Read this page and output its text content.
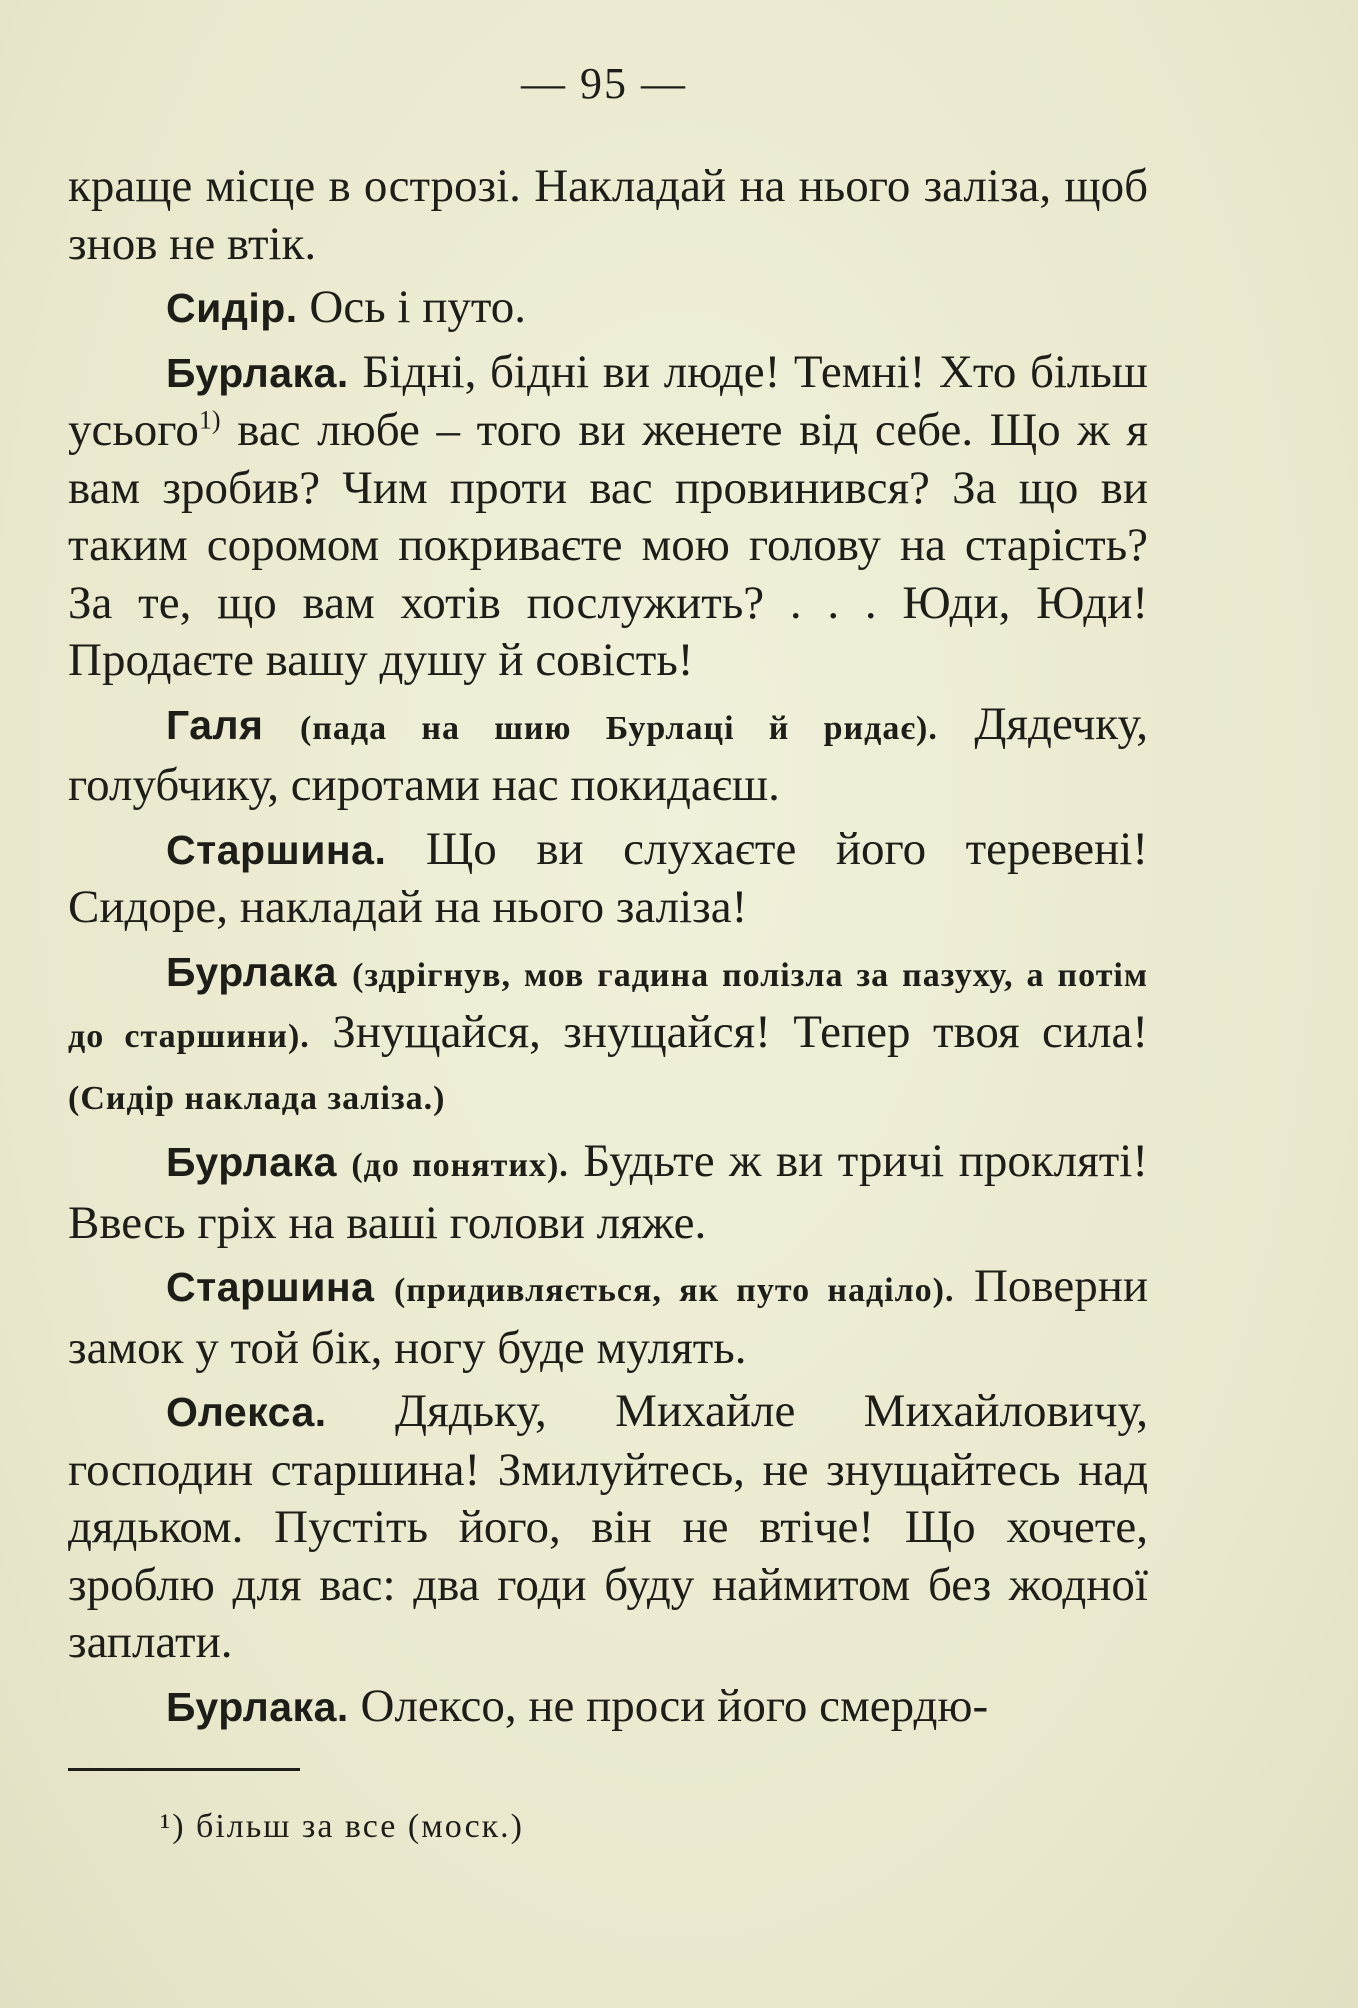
— 95 —

краще місце в острозі. Накладай на нього заліза, щоб знов не втік.

Сидір. Ось і путо.

Бурлака. Бідні, бідні ви люде! Темні! Хто більш усього$^{1)}$ вас любе – того ви женете від себе. Що ж я вам зробив? Чим проти вас провинився? За що ви таким соромом покриваєте мою голову на старість? За те, що вам хотів послужить? . . . Юди, Юди! Продаєте вашу душу й совість!

Галя (пада на шию Бурлаці й ридає). Дядечку, голубчику, сиротами нас покидаєш.

Старшина. Що ви слухаєте його теревені! Сидоре, накладай на нього заліза!

Бурлака (здрігнув, мов гадина полізла за пазуху, а потім до старшини). Знущайся, знущайся! Тепер твоя сила! (Сидір наклада заліза.)

Бурлака (до понятих). Будьте ж ви тричі прокляті! Ввесь гріх на ваші голови ляже.

Старшина (придивляється, як путо наділо). Поверни замок у той бік, ногу буде мулять.

Олекса. Дядьку, Михайле Михайловичу, господин старшина! Змилуйтесь, не знущайтесь над дядьком. Пустіть його, він не втіче! Що хочете, зроблю для вас: два годи буду наймитом без жодної заплати.

Бурлака. Олексо, не проси його смердю-

¹) більш за все (моск.)
